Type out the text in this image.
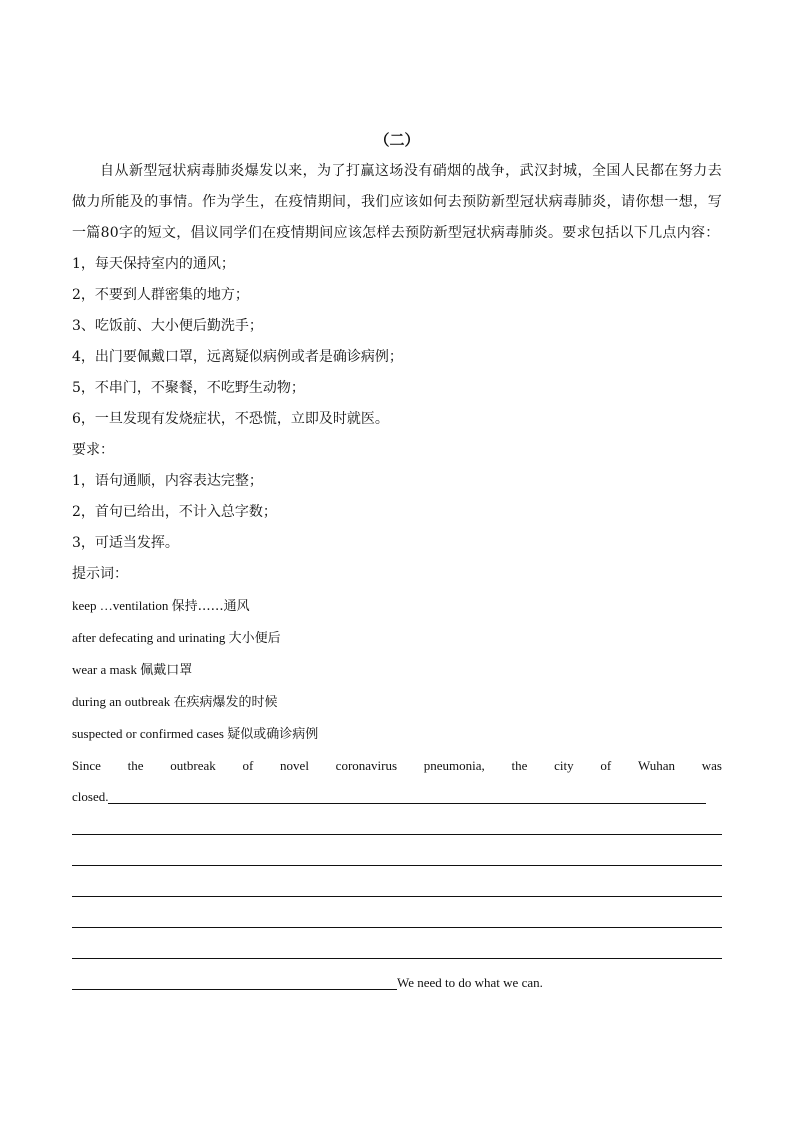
（二）
自从新型冠状病毒肺炎爆发以来，为了打赢这场没有硝烟的战争，武汉封城，全国人民都在努力去做力所能及的事情。作为学生，在疫情期间，我们应该如何去预防新型冠状病毒肺炎，请你想一想，写一篇80字的短文，倡议同学们在疫情期间应该怎样去预防新型冠状病毒肺炎。要求包括以下几点内容：
1，每天保持室内的通风；
2，不要到人群密集的地方；
3、吃饭前、大小便后勤洗手；
4，出门要佩戴口罩，远离疑似病例或者是确诊病例；
5，不串门，不聚餐，不吃野生动物；
6，一旦发现有发烧症状，不恐慌，立即及时就医。
要求：
1，语句通顺，内容表达完整；
2，首句已给出，不计入总字数；
3，可适当发挥。
提示词：
keep …ventilation 保持……通风
after defecating and urinating 大小便后
wear a mask 佩戴口罩
during an outbreak 在疾病爆发的时候
suspected or confirmed cases 疑似或确诊病例
Since the outbreak of novel coronavirus pneumonia, the city of Wuhan was
closed.
We need to do what we can.
